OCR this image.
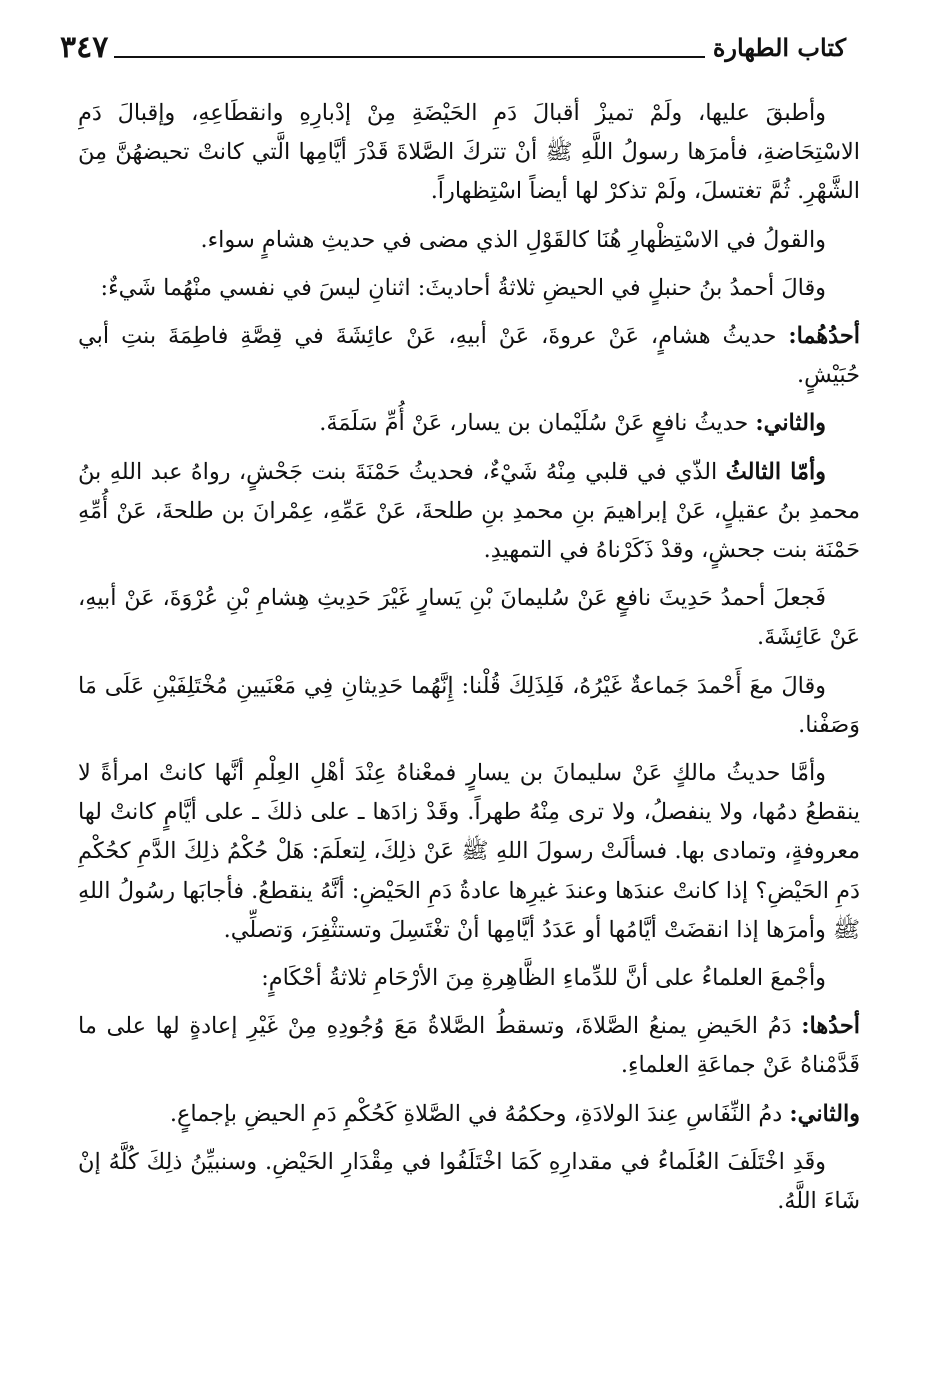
٣٤٧	كتاب الطهارة

وأطبقَ عليها، ولَمْ تميزْ أقبالَ دَمِ الحَيْضَةِ مِنْ إدْبارِهِ وانقطَاعِهِ، وإقبالَ دَمِ الاسْتِحَاضةِ، فأمرَها رسولُ اللَّهِ ﷺ أنْ تتركَ الصَّلاةَ قَدْرَ أيَّامِها الَّتي كانتْ تحيضهُنَّ مِنَ الشَّهْرِ. ثُمَّ تغتسلَ، ولَمْ تذكرْ لها أيضاً اسْتِظهاراً.

والقولُ في الاسْتِظْهارِ هُنَا كالقَوْلِ الذي مضى في حديثِ هشامٍ سواء.

وقالَ أحمدُ بنُ حنبلٍ في الحيضِ ثلاثةُ أحاديثَ: اثنانِ ليسَ في نفسي منْهُما شَيءٌ:

أحدُهُما: حديثُ هشامٍ، عَنْ عروةَ، عَنْ أبيهِ، عَنْ عائِشَةَ في قِصَّةِ فاطِمَةَ بنتِ أبي حُبَيْشٍ.

والثاني: حديثُ نافعٍ عَنْ سُلَيْمان بن يسار، عَنْ أُمِّ سَلَمَةَ.

وأمّا الثالثُ الذّي في قلبي مِنْهُ شَيْءٌ، فحديثُ حَمْنَةَ بنت جَحْشٍ، رواهُ عبد اللهِ بنُ محمدِ بنُ عقيلٍ، عَنْ إبراهيمَ بنِ محمدِ بنِ طلحةَ، عَنْ عَمِّهِ، عِمْرانَ بن طلحةَ، عَنْ أُمِّهِ حَمْنَة بنت جحشٍ، وقدْ ذَكَرْناهُ في التمهيدِ.

فَجعلَ أحمدُ حَدِيثَ نافعٍ عَنْ سُليمانَ بْنِ يَسارٍ غَيْرَ حَدِيثِ هِشامِ بْنِ عُرْوَةَ، عَنْ أبيهِ، عَنْ عَائِشَةَ.

وقالَ معَ أَحْمدَ جَماعةٌ غَيْرُهُ، فَلِذَلِكَ قُلْنا: إِنَّهُما حَدِيثانِ فِي مَعْنَيينِ مُخْتَلِفَيْنِ عَلَى مَا وَصَفْنا.

وأمَّا حديثُ مالكٍ عَنْ سليمانَ بن يسارٍ فمعْناهُ عِنْدَ أهْلِ العِلْمِ أنَّها كانتْ امرأةً لا ينقطعُ دمُها، ولا ينفصلُ، ولا ترى مِنْهُ طهراً. وقَدْ زادَها ـ على ذلكَ ـ على أيَّامٍ كانتْ لها معروفةٍ، وتمادى بها. فسألَتْ رسولَ اللهِ ﷺ عَنْ ذلِكَ، لِتعلَمَ: هَلْ حُكْمُ ذلِكَ الدَّمِ كحُكْمِ دَمِ الحَيْضِ؟ إذا كانتْ عندَها وعندَ غيرِها عادةُ دَمِ الحَيْضِ: أنَّهُ ينقطعُ. فأجابَها رسُولُ اللهِ ﷺ وأمرَها إذا انقضَتْ أيَّامُها أو عَدَدُ أيَّامِها أنْ تغْتَسِلَ وتستثْفِرَ، وَتصلِّي.

وأجْمعَ العلماءُ على أنَّ للدِّماءِ الظَّاهِرةِ مِنَ الأرْحَامِ ثلاثةُ أحْكَامٍ:

أحدُها: دَمُ الحَيضِ يمنعُ الصَّلاةَ، وتسقطُ الصَّلاةُ مَعَ وُجُودِهِ مِنْ غَيْرِ إعادةٍ لها على ما قَدَّمْناهُ عَنْ جماعَةِ العلماءِ.

والثاني: دمُ النِّفَاسِ عِندَ الولادَةِ، وحكمُهُ في الصَّلاةِ كَحُكْمِ دَمِ الحيضِ بإجماعٍ.

وقَدِ اخْتَلَفَ العُلَماءُ في مقدارِهِ كَمَا اخْتَلَفُوا في مِقْدَارِ الحَيْضِ. وسنبيِّنُ ذلِكَ كُلَّهُ إنْ شَاءَ اللَّهُ.
